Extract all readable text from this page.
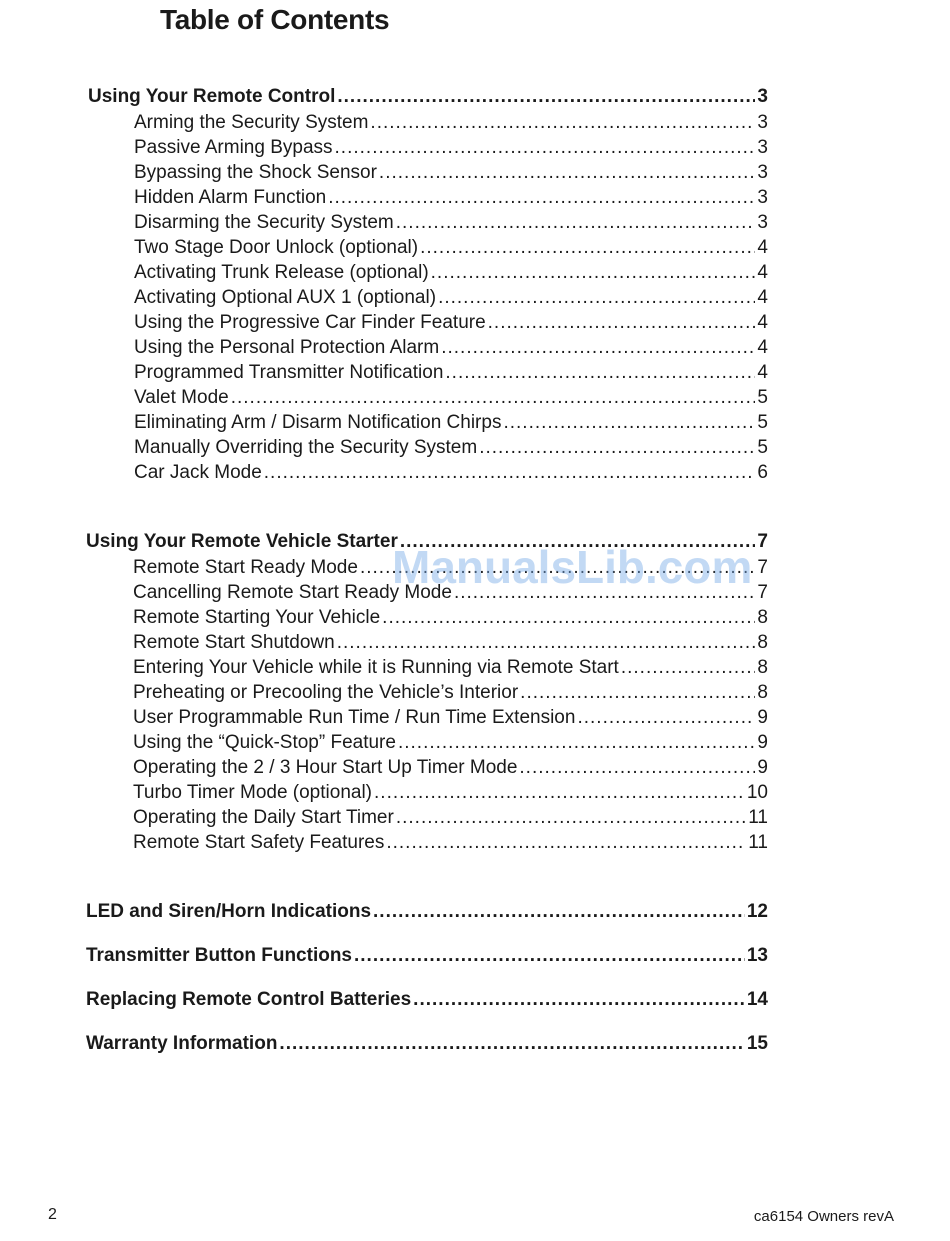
Table of Contents
Using Your Remote Control .....	3
Arming the Security System .....	3
Passive Arming Bypass .....	3
Bypassing the Shock Sensor .....	3
Hidden Alarm Function .....	3
Disarming the Security System .....	3
Two Stage Door Unlock (optional) .....	4
Activating Trunk Release (optional) .....	4
Activating Optional AUX 1 (optional) .....	4
Using the Progressive Car Finder Feature .....	4
Using the Personal Protection Alarm .....	4
Programmed Transmitter Notification .....	4
Valet Mode .....	5
Eliminating Arm / Disarm Notification Chirps .....	5
Manually Overriding the Security System .....	5
Car Jack Mode .....	6
Using Your Remote Vehicle Starter .....	7
Remote Start Ready Mode .....	7
Cancelling Remote Start Ready Mode .....	7
Remote Starting Your Vehicle .....	8
Remote Start Shutdown .....	8
Entering Your Vehicle while it is Running via Remote Start .....	8
Preheating or Precooling the Vehicle’s Interior .....	8
User Programmable Run Time / Run Time Extension .....	9
Using the “Quick-Stop” Feature .....	9
Operating the 2 / 3 Hour Start Up Timer Mode .....	9
Turbo Timer Mode (optional) .....	10
Operating the Daily Start Timer .....	11
Remote Start Safety Features .....	11
LED and Siren/Horn Indications .....	12
Transmitter Button Functions .....	13
Replacing Remote Control Batteries .....	14
Warranty Information .....	15
ManualsLib.com
2	ca6154 Owners revA
